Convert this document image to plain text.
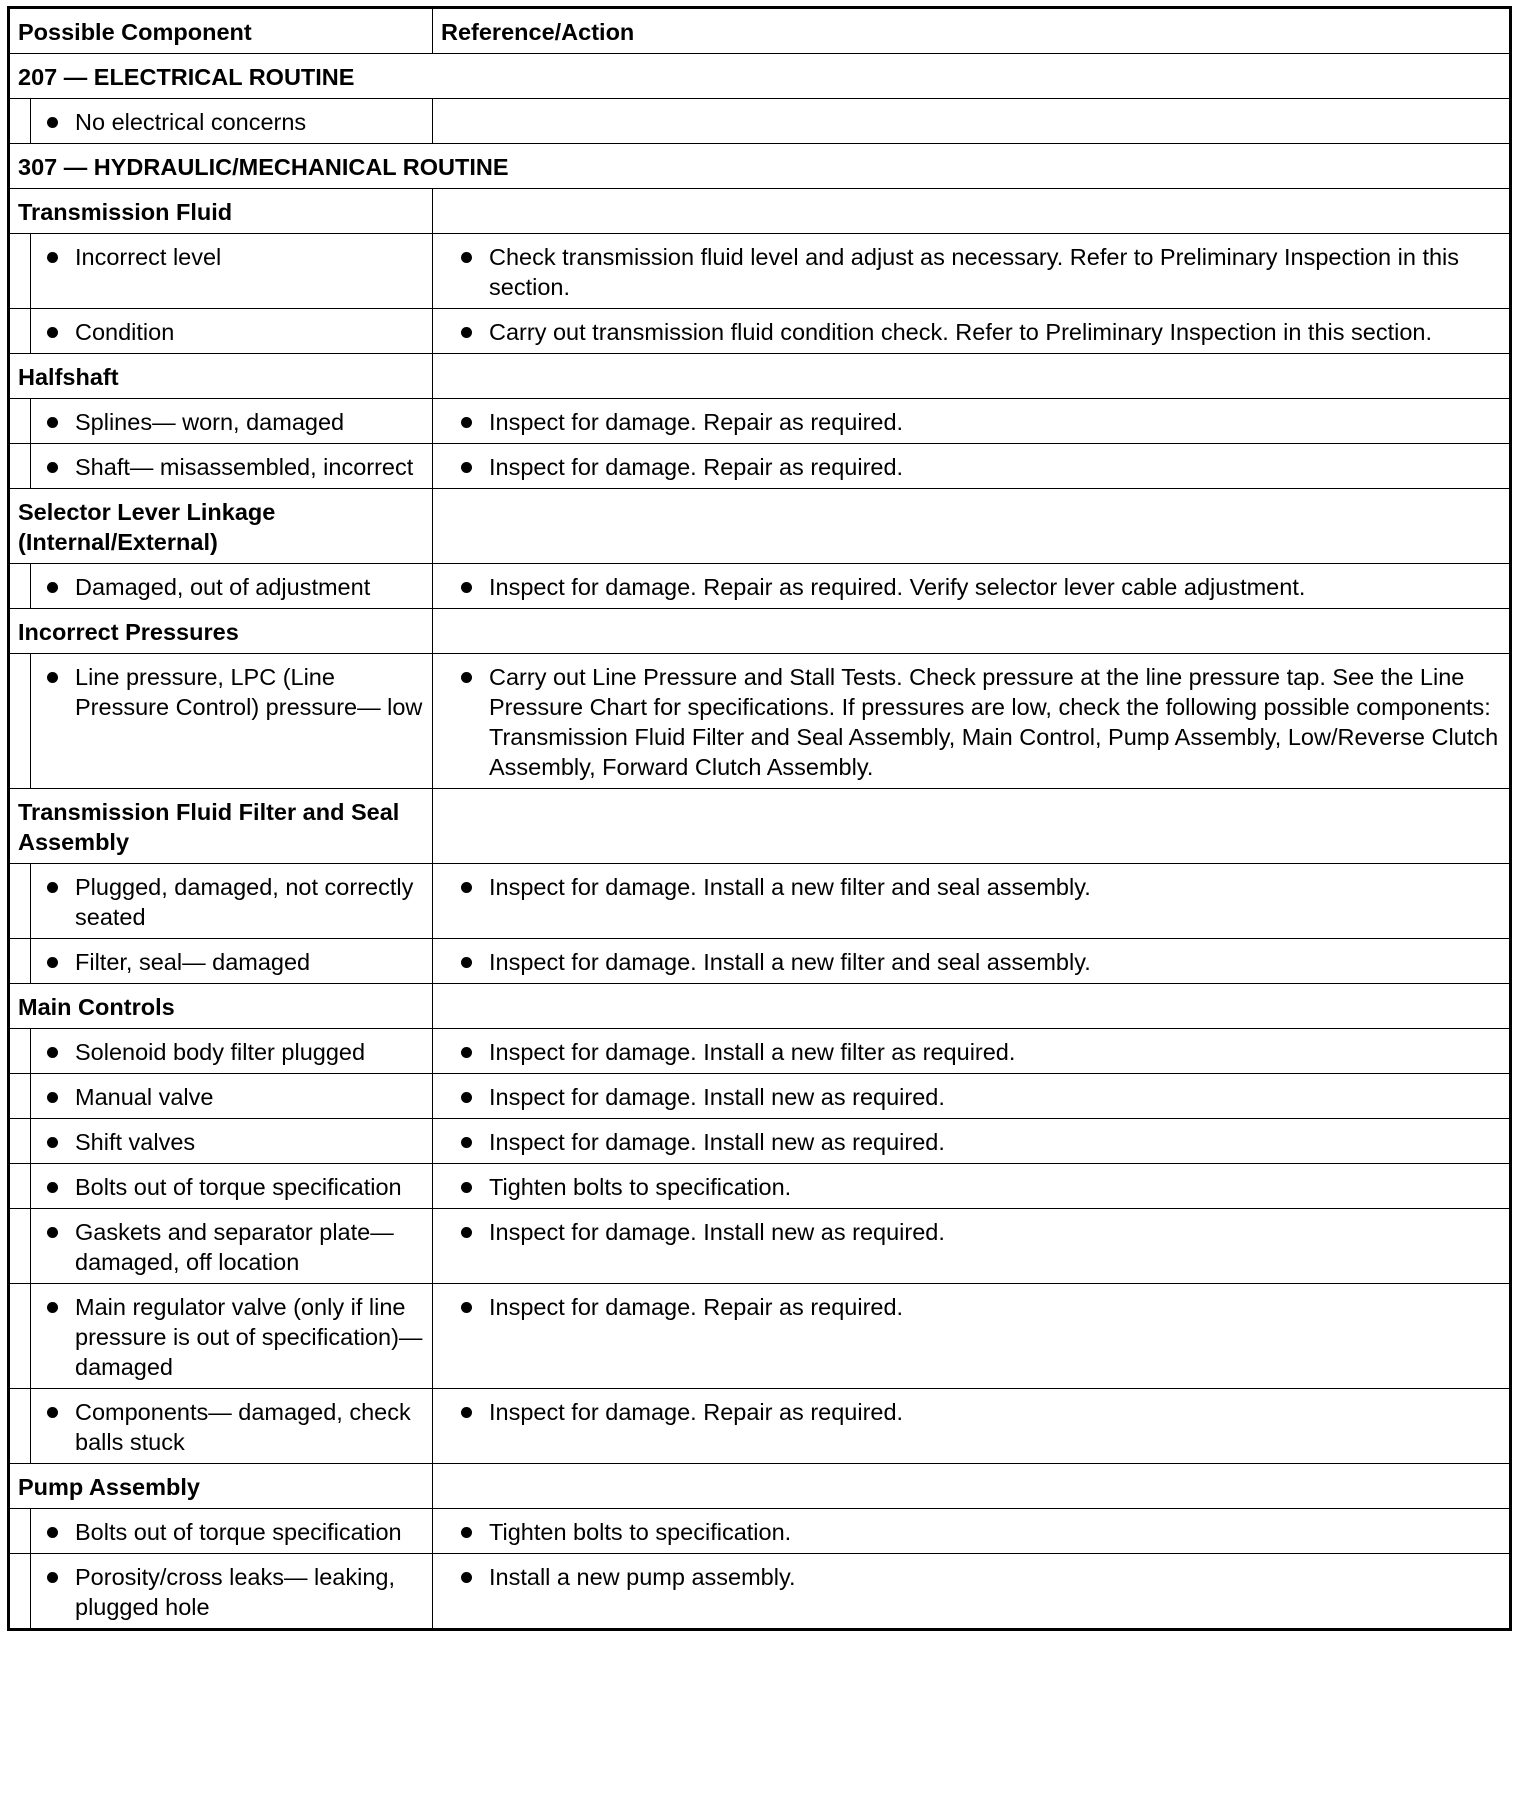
Possible Component		Reference/Action
207 — ELECTRICAL ROUTINE		

	No electrical concerns	

307 — HYDRAULIC/MECHANICAL ROUTINE		
Transmission Fluid		

	Incorrect level	Check transmission fluid level and adjust as necessary. Refer to Preliminary Inspection in this section.

	Condition	Carry out transmission fluid condition check. Refer to Preliminary Inspection in this section.

Halfshaft		

	Splines— worn, damaged	Inspect for damage. Repair as required.

	Shaft— misassembled, incorrect	Inspect for damage. Repair as required.

Selector Lever Linkage (Internal/External)		

	Damaged, out of adjustment	Inspect for damage. Repair as required. Verify selector lever cable adjustment.

Incorrect Pressures		

	Line pressure, LPC (Line Pressure Control) pressure— low	Carry out Line Pressure and Stall Tests. Check pressure at the line pressure tap. See the Line Pressure Chart for specifications. If pressures are low, check the following possible components: Transmission Fluid Filter and Seal Assembly, Main Control, Pump Assembly, Low/Reverse Clutch Assembly, Forward Clutch Assembly.

Transmission Fluid Filter and Seal Assembly		

	Plugged, damaged, not correctly seated	Inspect for damage. Install a new filter and seal assembly.

	Filter, seal— damaged	Inspect for damage. Install a new filter and seal assembly.

Main Controls		

	Solenoid body filter plugged	Inspect for damage. Install a new filter as required.

	Manual valve	Inspect for damage. Install new as required.

	Shift valves	Inspect for damage. Install new as required.

	Bolts out of torque specification	Tighten bolts to specification.

	Gaskets and separator plate— damaged, off location	Inspect for damage. Install new as required.

	Main regulator valve (only if line pressure is out of specification)— damaged	Inspect for damage. Repair as required.

	Components— damaged, check balls stuck	Inspect for damage. Repair as required.

Pump Assembly		

	Bolts out of torque specification	Tighten bolts to specification.

	Porosity/cross leaks— leaking, plugged hole	Install a new pump assembly.
